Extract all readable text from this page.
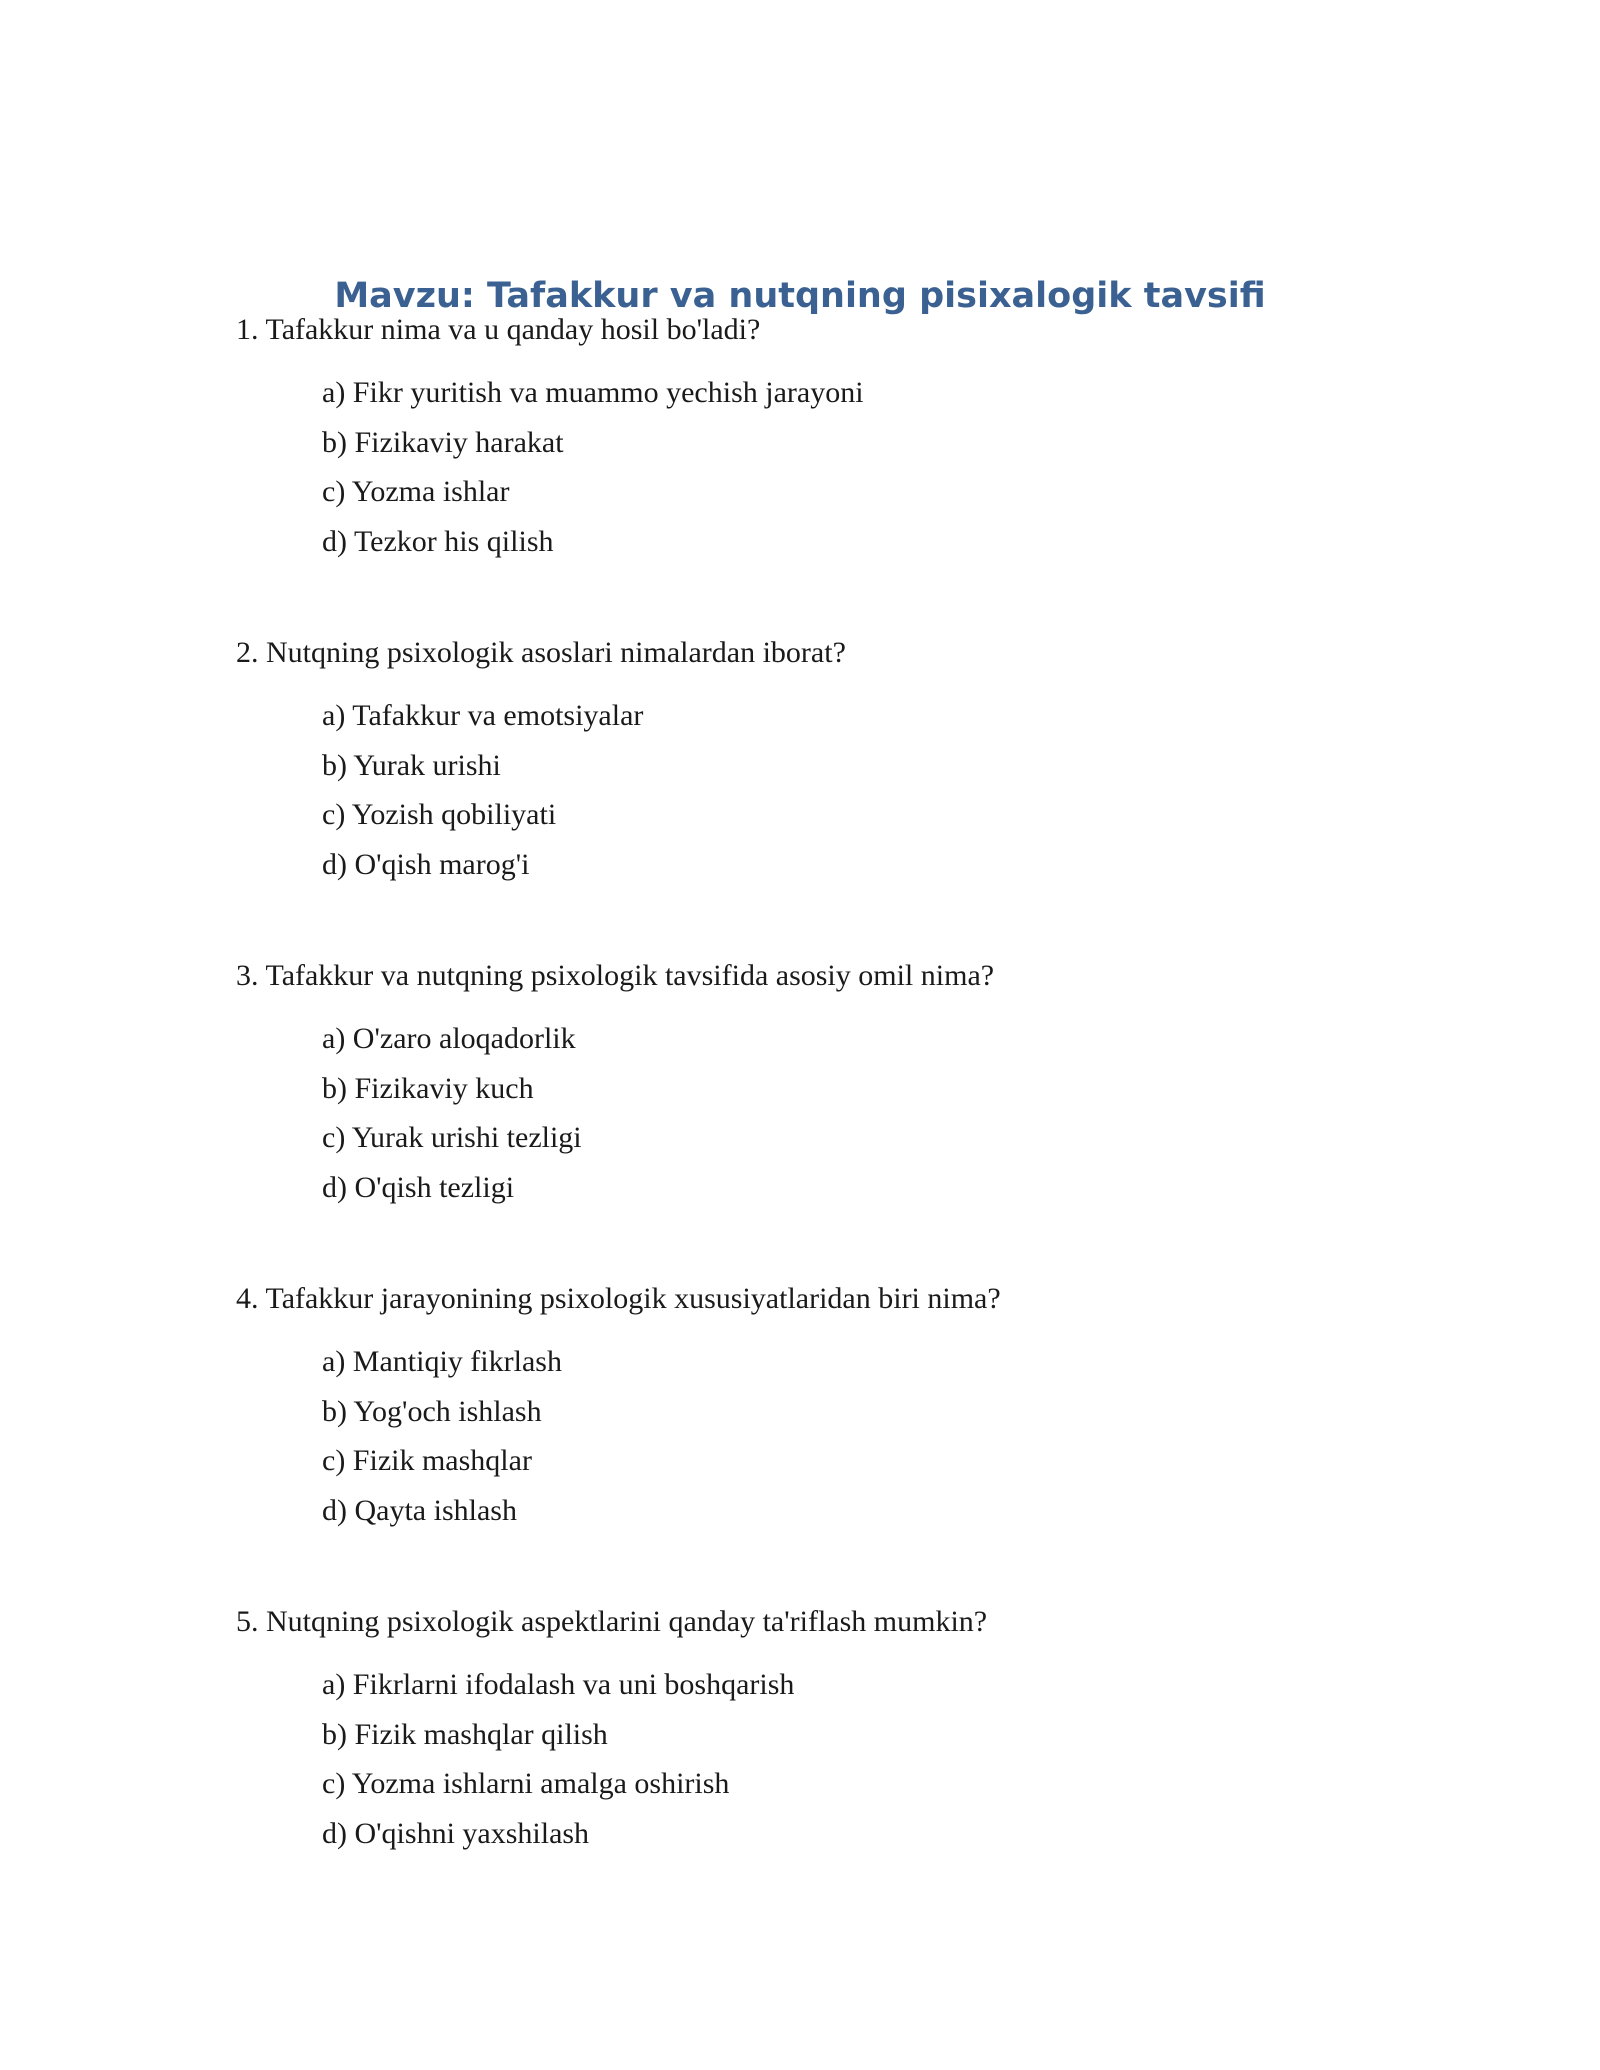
Mavzu: Tafakkur va nutqning pisixalogik tavsifi

1. Tafakkur nima va u qanday hosil bo'ladi?

a) Fikr yuritish va muammo yechish jarayoni
b) Fizikaviy harakat
c) Yozma ishlar
d) Tezkor his qilish

2. Nutqning psixologik asoslari nimalardan iborat?

a) Tafakkur va emotsiyalar
b) Yurak urishi
c) Yozish qobiliyati
d) O'qish marog'i

3. Tafakkur va nutqning psixologik tavsifida asosiy omil nima?

a) O'zaro aloqadorlik
b) Fizikaviy kuch
c) Yurak urishi tezligi
d) O'qish tezligi

4. Tafakkur jarayonining psixologik xususiyatlaridan biri nima?

a) Mantiqiy fikrlash
b) Yog'och ishlash
c) Fizik mashqlar
d) Qayta ishlash

5. Nutqning psixologik aspektlarini qanday ta'riflash mumkin?

a) Fikrlarni ifodalash va uni boshqarish
b) Fizik mashqlar qilish
c) Yozma ishlarni amalga oshirish
d) O'qishni yaxshilash
